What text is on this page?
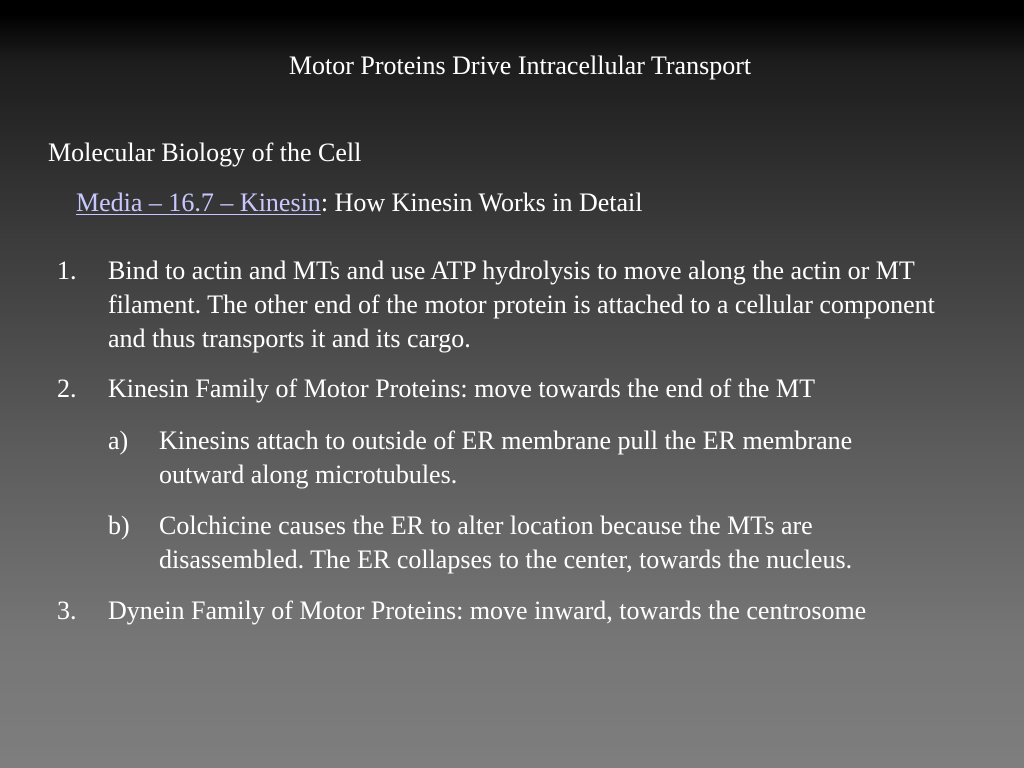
Motor Proteins Drive Intracellular Transport
Molecular Biology of the Cell
Media – 16.7 – Kinesin: How Kinesin Works in Detail
1. Bind to actin and MTs and use ATP hydrolysis to move along the actin or MT filament. The other end of the motor protein is attached to a cellular component and thus transports it and its cargo.
2. Kinesin Family of Motor Proteins: move towards the end of the MT
a) Kinesins attach to outside of ER membrane pull the ER membrane outward along microtubules.
b) Colchicine causes the ER to alter location because the MTs are disassembled. The ER collapses to the center, towards the nucleus.
3. Dynein Family of Motor Proteins: move inward, towards the centrosome
